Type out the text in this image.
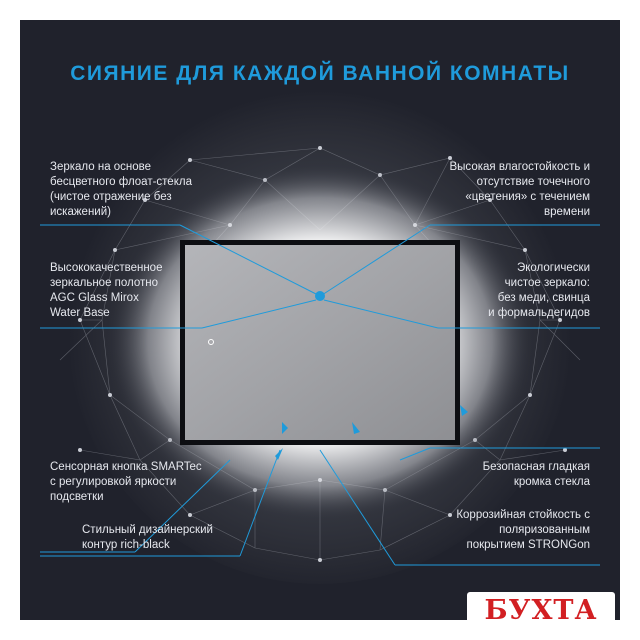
СИЯНИЕ ДЛЯ КАЖДОЙ ВАННОЙ КОМНАТЫ
Зеркало на основе
бесцветного флоат-стекла
(чистое отражение без
искажений)
Высокая влагостойкость и
отсутствие точечного
«цветения» с течением
времени
Высококачественное
зеркальное полотно
AGC Glass Mirox
Water Base
Экологически
чистое зеркало:
без меди, свинца
и формальдегидов
Сенсорная кнопка SMARTec
с регулировкой яркости
подсветки
Безопасная гладкая
кромка стекла
Стильный дизайнерский
контур rich-black
Коррозийная стойкость с
поляризованным
покрытием STRONGon
БУХТА
